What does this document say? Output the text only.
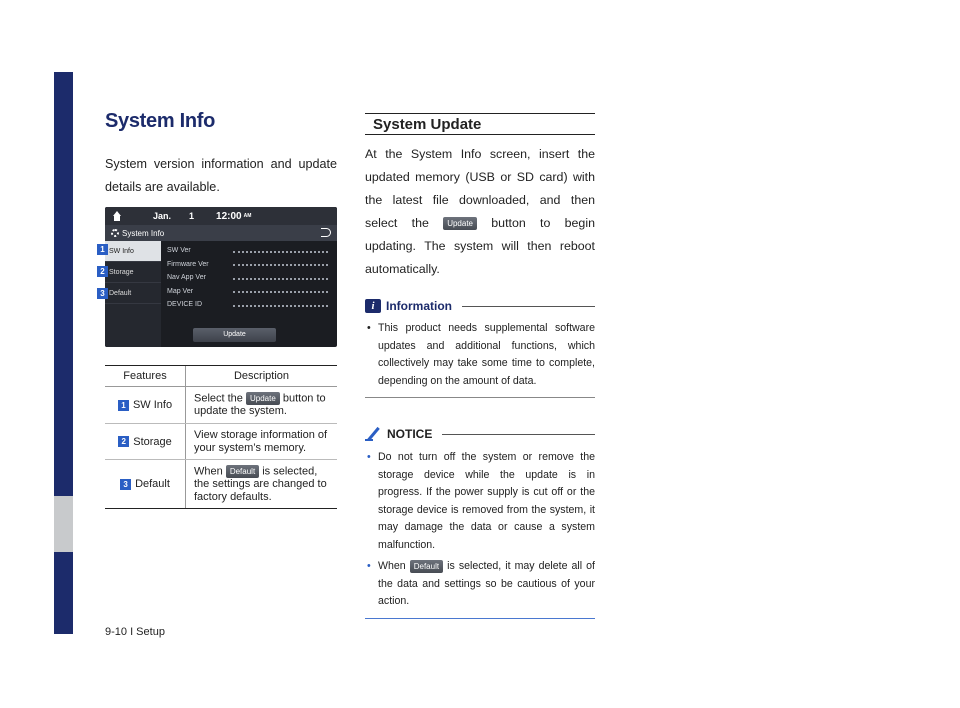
System Info

System version information and update details are available.

Jan. 1 12:00 AM
System Info
SW Info
Storage
Default
SW Ver
Firmware Ver
Nav App Ver
Map Ver
DEVICE ID
Update
1
2
3
Features	Description
1 SW Info
Select the Update button to update the system.
2 Storage
View storage information of your system’s memory.
3 Default
When Default is selected, the settings are changed to factory defaults.
System Update

At the System Info screen, insert the updated memory (USB or SD card) with the latest file downloaded, and then select the Update button to begin updating. The system will then reboot automatically.

i Information

• This product needs supplemental software updates and additional functions, which collectively may take some time to complete, depending on the amount of data.

NOTICE

• Do not turn off the system or remove the storage device while the update is in progress. If the power supply is cut off or the storage device is removed from the system, it may damage the data or cause a system malfunction.

• When Default is selected, it may delete all of the data and settings so be cautious of your action.

9-10 I Setup
